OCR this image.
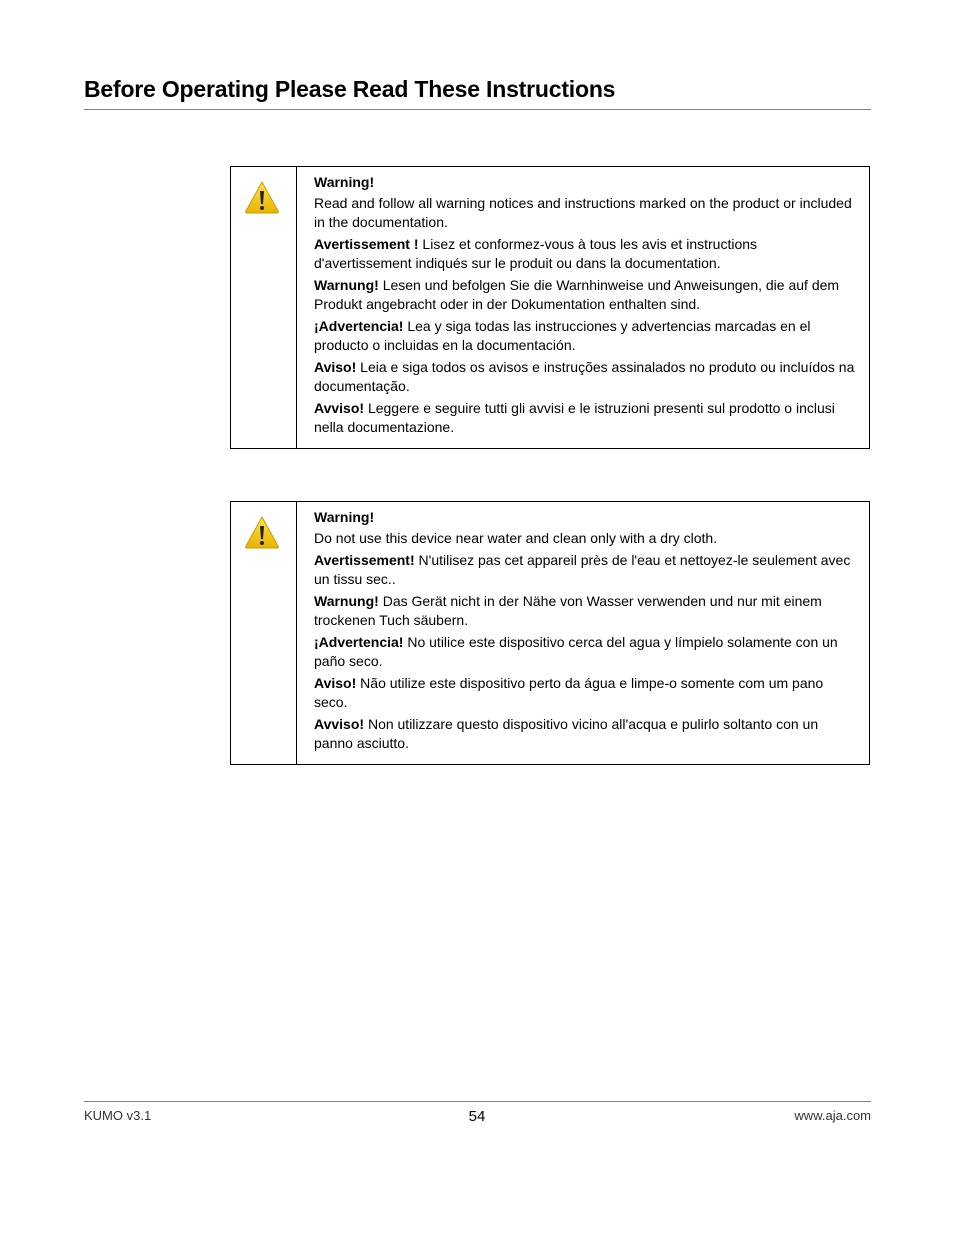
Before Operating Please Read These Instructions

Warning!

Read and follow all warning notices and instructions marked on the product or included in the documentation.

Avertissement ! Lisez et conformez-vous à tous les avis et instructions d'avertissement indiqués sur le produit ou dans la documentation.

Warnung! Lesen und befolgen Sie die Warnhinweise und Anweisungen, die auf dem Produkt angebracht oder in der Dokumentation enthalten sind.

¡Advertencia! Lea y siga todas las instrucciones y advertencias marcadas en el producto o incluidas en la documentación.

Aviso! Leia e siga todos os avisos e instruções assinalados no produto ou incluídos na documentação.

Avviso! Leggere e seguire tutti gli avvisi e le istruzioni presenti sul prodotto o inclusi nella documentazione.

Warning!

Do not use this device near water and clean only with a dry cloth.

Avertissement! N'utilisez pas cet appareil près de l'eau et nettoyez-le seulement avec un tissu sec..

Warnung! Das Gerät nicht in der Nähe von Wasser verwenden und nur mit einem trockenen Tuch säubern.

¡Advertencia! No utilice este dispositivo cerca del agua y límpielo solamente con un paño seco.

Aviso! Não utilize este dispositivo perto da água e limpe-o somente com um pano seco.

Avviso! Non utilizzare questo dispositivo vicino all'acqua e pulirlo soltanto con un panno asciutto.

KUMO v3.1	54	www.aja.com
